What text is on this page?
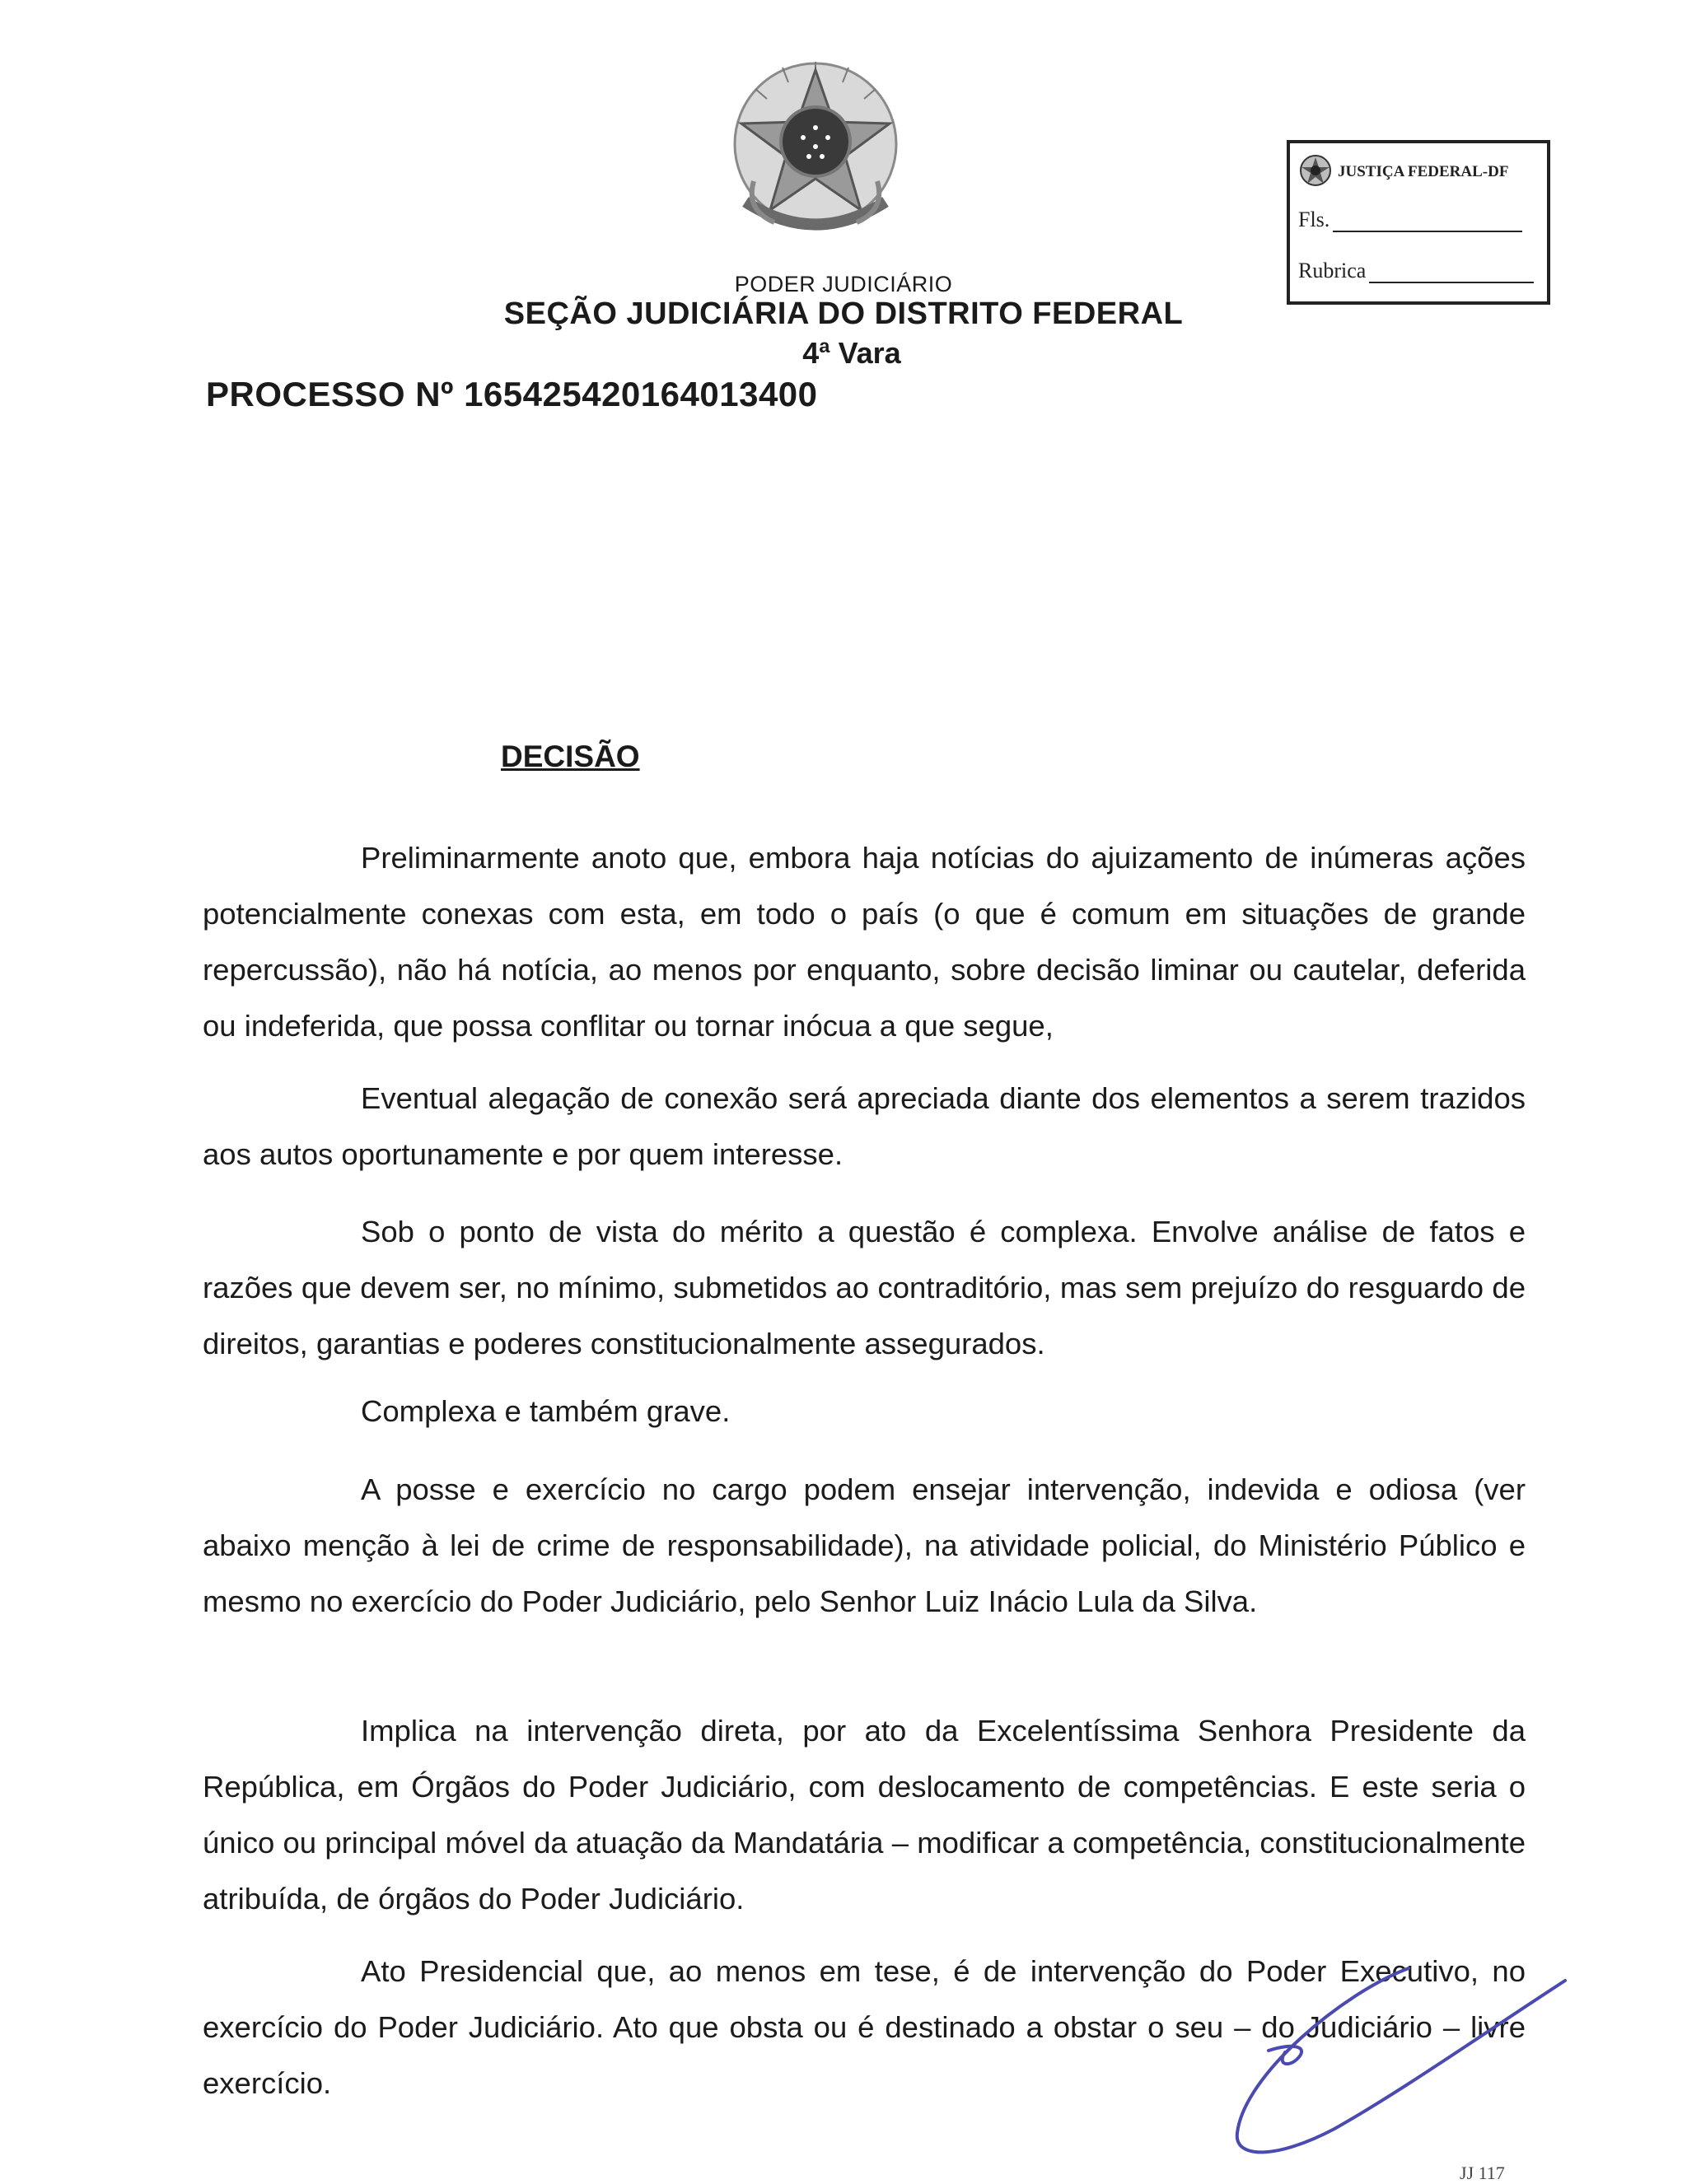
PODER JUDICIÁRIO
SEÇÃO JUDICIÁRIA DO DISTRITO FEDERAL
4ª Vara
PROCESSO Nº 165425420164013400
JUSTIÇA FEDERAL-DF
Fls.
Rubrica
DECISÃO
Preliminarmente anoto que, embora haja notícias do ajuizamento de inúmeras ações potencialmente conexas com esta, em todo o país (o que é comum em situações de grande repercussão), não há notícia, ao menos por enquanto, sobre decisão liminar ou cautelar, deferida ou indeferida, que possa conflitar ou tornar inócua a que segue,
Eventual alegação de conexão será apreciada diante dos elementos a serem trazidos aos autos oportunamente e por quem interesse.
Sob o ponto de vista do mérito a questão é complexa. Envolve análise de fatos e razões que devem ser, no mínimo, submetidos ao contraditório, mas sem prejuízo do resguardo de direitos, garantias e poderes constitucionalmente assegurados.
Complexa e também grave.
A posse e exercício no cargo podem ensejar intervenção, indevida e odiosa (ver abaixo menção à lei de crime de responsabilidade), na atividade policial, do Ministério Público e mesmo no exercício do Poder Judiciário, pelo Senhor Luiz Inácio Lula da Silva.
Implica na intervenção direta, por ato da Excelentíssima Senhora Presidente da República, em Órgãos do Poder Judiciário, com deslocamento de competências. E este seria o único ou principal móvel da atuação da Mandatária – modificar a competência, constitucionalmente atribuída, de órgãos do Poder Judiciário.
Ato Presidencial que, ao menos em tese, é de intervenção do Poder Executivo, no exercício do Poder Judiciário. Ato que obsta ou é destinado a obstar o seu – do Judiciário – livre exercício.
JJ 117
